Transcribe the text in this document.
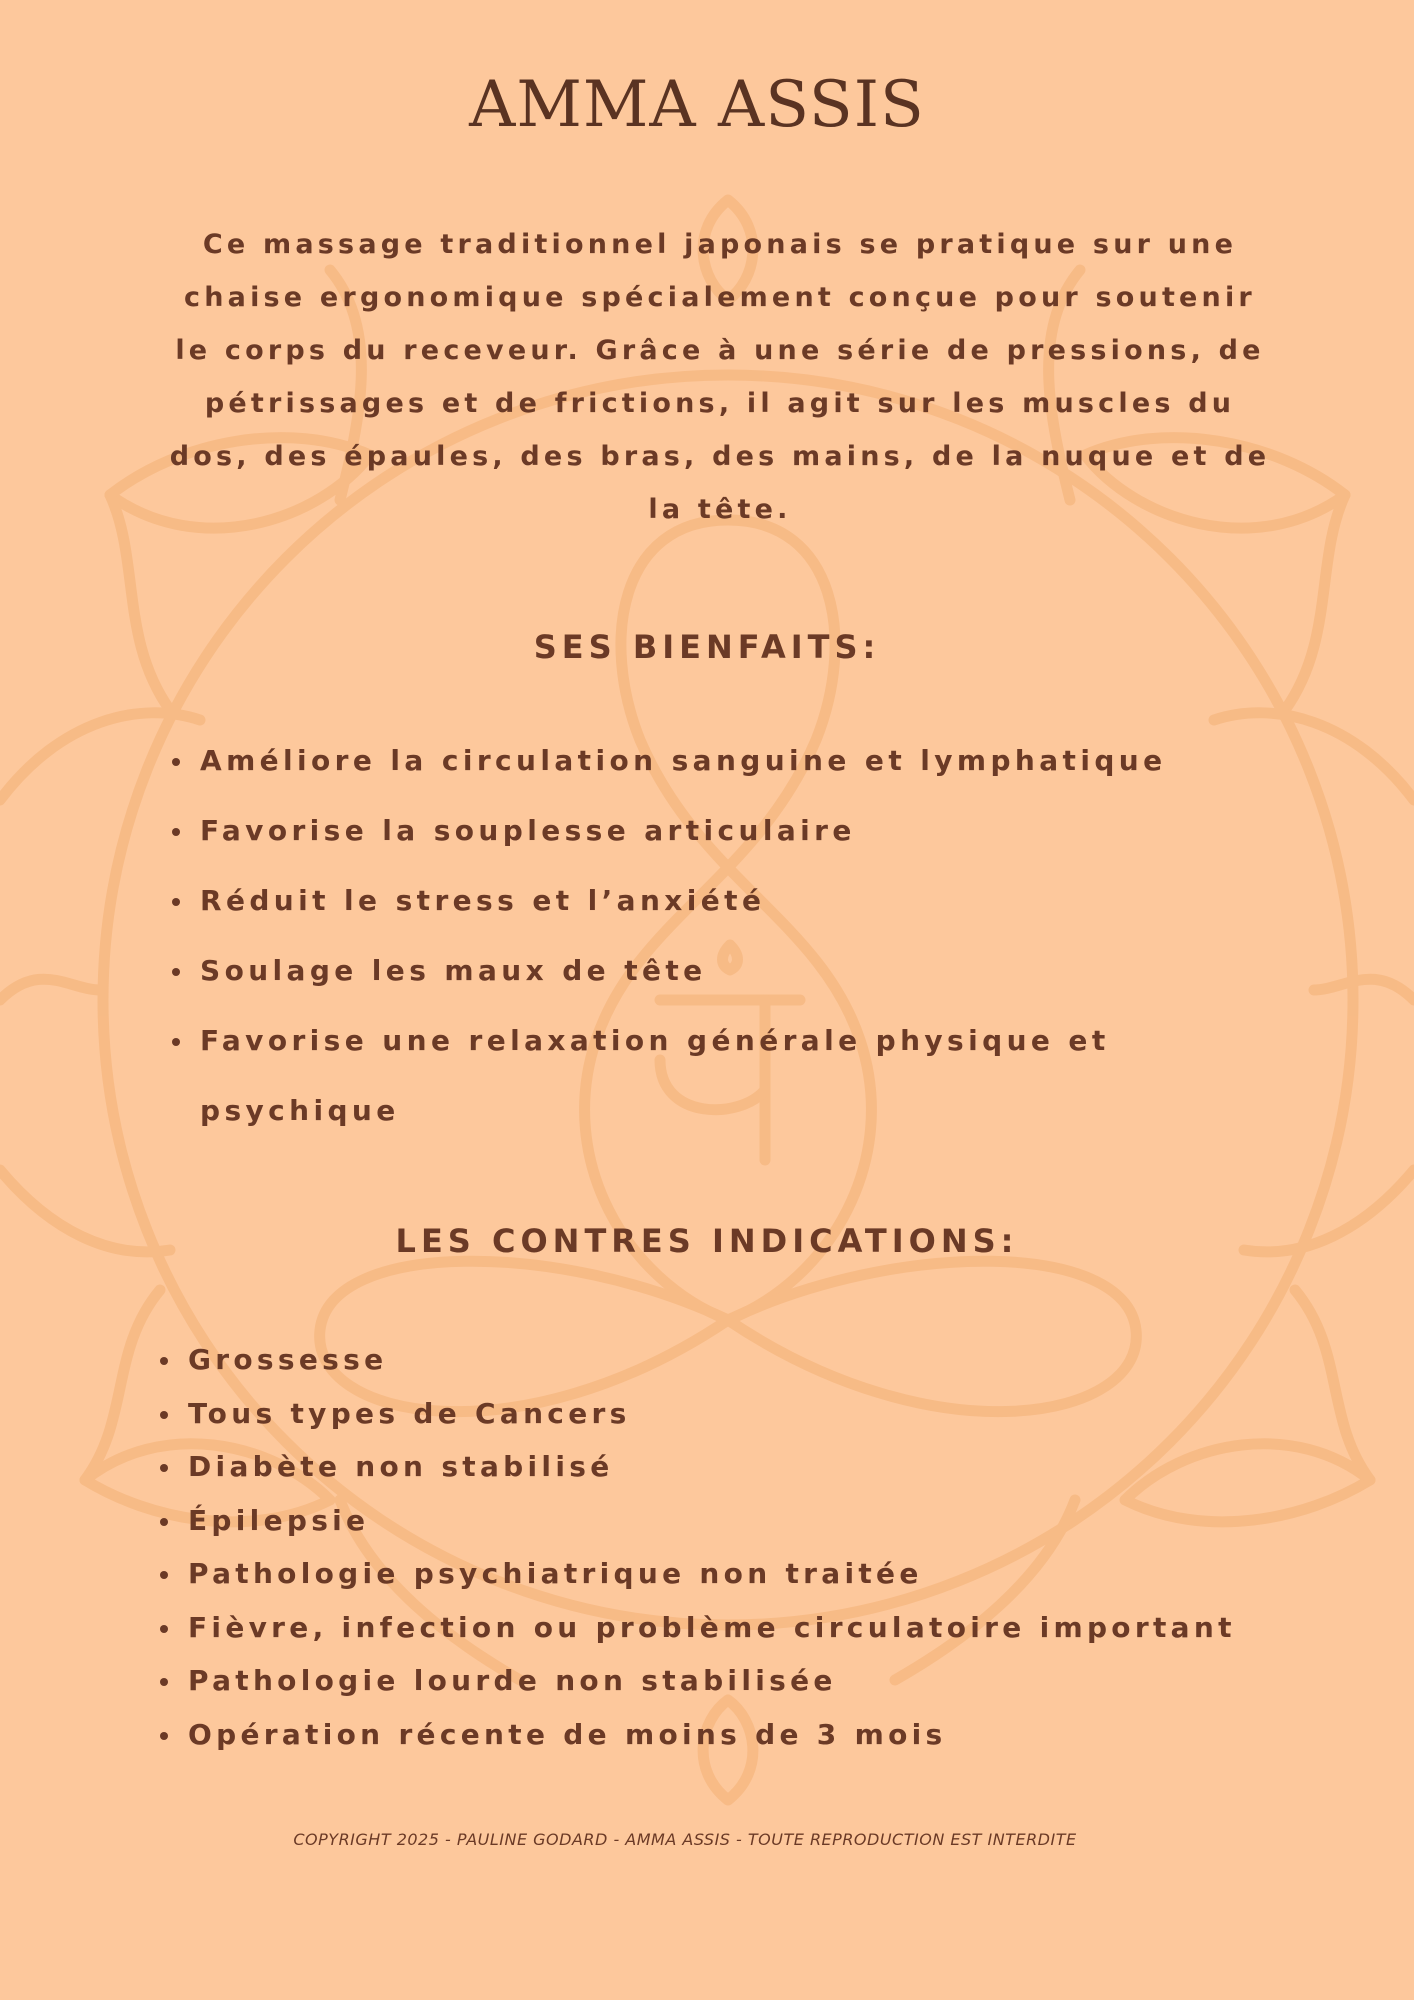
AMMA ASSIS

Ce massage traditionnel japonais se pratique sur une chaise ergonomique spécialement conçue pour soutenir le corps du receveur. Grâce à une série de pressions, de pétrissages et de frictions, il agit sur les muscles du dos, des épaules, des bras, des mains, de la nuque et de la tête.

SES BIENFAITS:
Améliore la circulation sanguine et lymphatique
Favorise la souplesse articulaire
Réduit le stress et l’anxiété
Soulage les maux de tête
Favorise une relaxation générale physique et psychique
LES CONTRES INDICATIONS:
Grossesse
Tous types de Cancers
Diabète non stabilisé
Épilepsie
Pathologie psychiatrique non traitée
Fièvre, infection ou problème circulatoire important
Pathologie lourde non stabilisée
Opération récente de moins de 3 mois

COPYRIGHT 2025 - PAULINE GODARD - AMMA ASSIS - TOUTE REPRODUCTION EST INTERDITE
